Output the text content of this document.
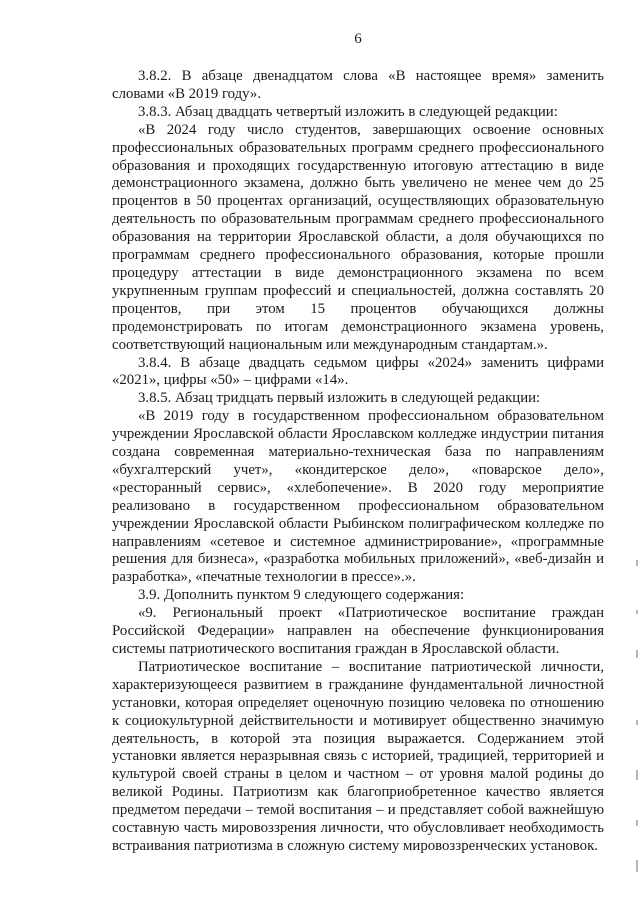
6

3.8.2. В абзаце двенадцатом слова «В настоящее время» заменить словами «В 2019 году».

3.8.3. Абзац двадцать четвертый изложить в следующей редакции:

«В 2024 году число студентов, завершающих освоение основных профессиональных образовательных программ среднего профессионального образования и проходящих государственную итоговую аттестацию в виде демонстрационного экзамена, должно быть увеличено не менее чем до 25 процентов в 50 процентах организаций, осуществляющих образовательную деятельность по образовательным программам среднего профессионального образования на территории Ярославской области, а доля обучающихся по программам среднего профессионального образования, которые прошли процедуру аттестации в виде демонстрационного экзамена по всем укрупненным группам профессий и специальностей, должна составлять 20 процентов, при этом 15 процентов обучающихся должны продемонстрировать по итогам демонстрационного экзамена уровень, соответствующий национальным или международным стандартам.».

3.8.4. В абзаце двадцать седьмом цифры «2024» заменить цифрами «2021», цифры «50» – цифрами «14».

3.8.5. Абзац тридцать первый изложить в следующей редакции:

«В 2019 году в государственном профессиональном образовательном учреждении Ярославской области Ярославском колледже индустрии питания создана современная материально-техническая база по направлениям «бухгалтерский учет», «кондитерское дело», «поварское дело», «ресторанный сервис», «хлебопечение». В 2020 году мероприятие реализовано в государственном профессиональном образовательном учреждении Ярославской области Рыбинском полиграфическом колледже по направлениям «сетевое и системное администрирование», «программные решения для бизнеса», «разработка мобильных приложений», «веб-дизайн и разработка», «печатные технологии в прессе».».

3.9. Дополнить пунктом 9 следующего содержания:

«9. Региональный проект «Патриотическое воспитание граждан Российской Федерации» направлен на обеспечение функционирования системы патриотического воспитания граждан в Ярославской области.

Патриотическое воспитание – воспитание патриотической личности, характеризующееся развитием в гражданине фундаментальной личностной установки, которая определяет оценочную позицию человека по отношению к социокультурной действительности и мотивирует общественно значимую деятельность, в которой эта позиция выражается. Содержанием этой установки является неразрывная связь с историей, традицией, территорией и культурой своей страны в целом и частном – от уровня малой родины до великой Родины. Патриотизм как благоприобретенное качество является предметом передачи – темой воспитания – и представляет собой важнейшую составную часть мировоззрения личности, что обусловливает необходимость встраивания патриотизма в сложную систему мировоззренческих установок.
